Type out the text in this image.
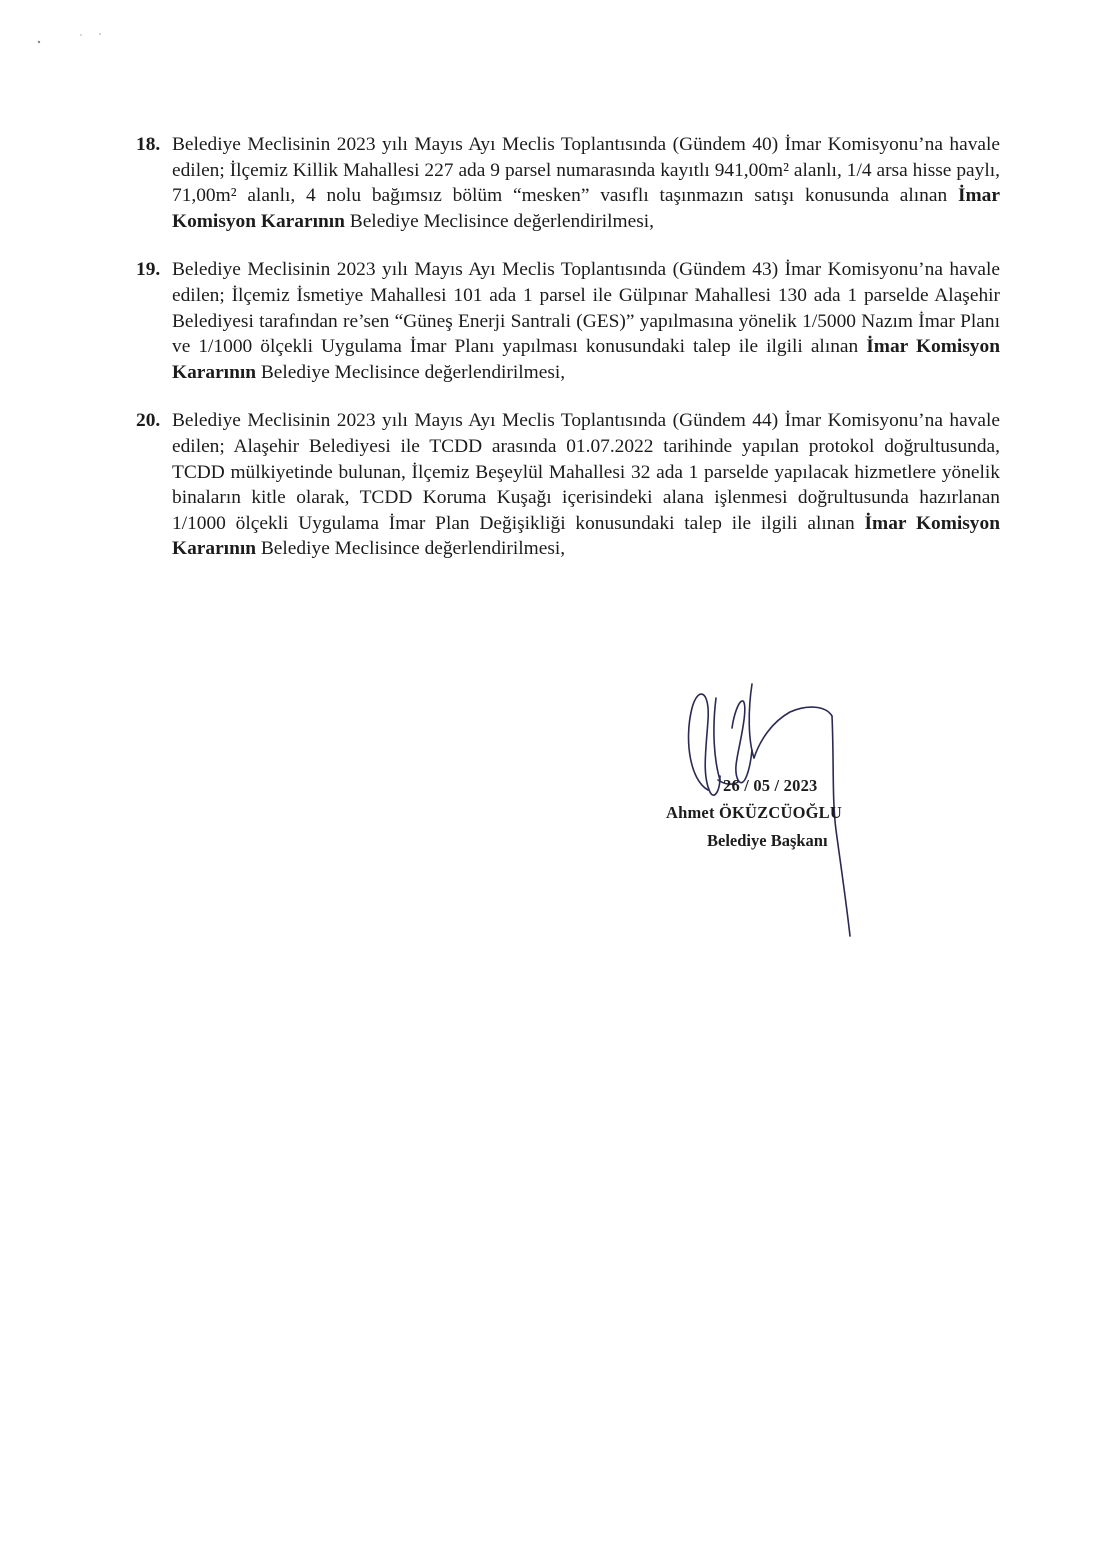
18. Belediye Meclisinin 2023 yılı Mayıs Ayı Meclis Toplantısında (Gündem 40) İmar Komisyonu’na havale edilen; İlçemiz Killik Mahallesi 227 ada 9 parsel numarasında kayıtlı 941,00m² alanlı, 1/4 arsa hisse paylı, 71,00m² alanlı, 4 nolu bağımsız bölüm “mesken” vasıflı taşınmazın satışı konusunda alınan İmar Komisyon Kararının Belediye Meclisince değerlendirilmesi,
19. Belediye Meclisinin 2023 yılı Mayıs Ayı Meclis Toplantısında (Gündem 43) İmar Komisyonu’na havale edilen; İlçemiz İsmetiye Mahallesi 101 ada 1 parsel ile Gülpınar Mahallesi 130 ada 1 parselde Alaşehir Belediyesi tarafından re’sen “Güneş Enerji Santrali (GES)” yapılmasına yönelik 1/5000 Nazım İmar Planı ve 1/1000 ölçekli Uygulama İmar Planı yapılması konusundaki talep ile ilgili alınan İmar Komisyon Kararının Belediye Meclisince değerlendirilmesi,
20. Belediye Meclisinin 2023 yılı Mayıs Ayı Meclis Toplantısında (Gündem 44) İmar Komisyonu’na havale edilen; Alaşehir Belediyesi ile TCDD arasında 01.07.2022 tarihinde yapılan protokol doğrultusunda, TCDD mülkiyetinde bulunan, İlçemiz Beşeylül Mahallesi 32 ada 1 parselde yapılacak hizmetlere yönelik binaların kitle olarak, TCDD Koruma Kuşağı içerisindeki alana işlenmesi doğrultusunda hazırlanan 1/1000 ölçekli Uygulama İmar Plan Değişikliği konusundaki talep ile ilgili alınan İmar Komisyon Kararının Belediye Meclisince değerlendirilmesi,
26 / 05 / 2023
Ahmet ÖKÜZCÜOĞLU
Belediye Başkanı
